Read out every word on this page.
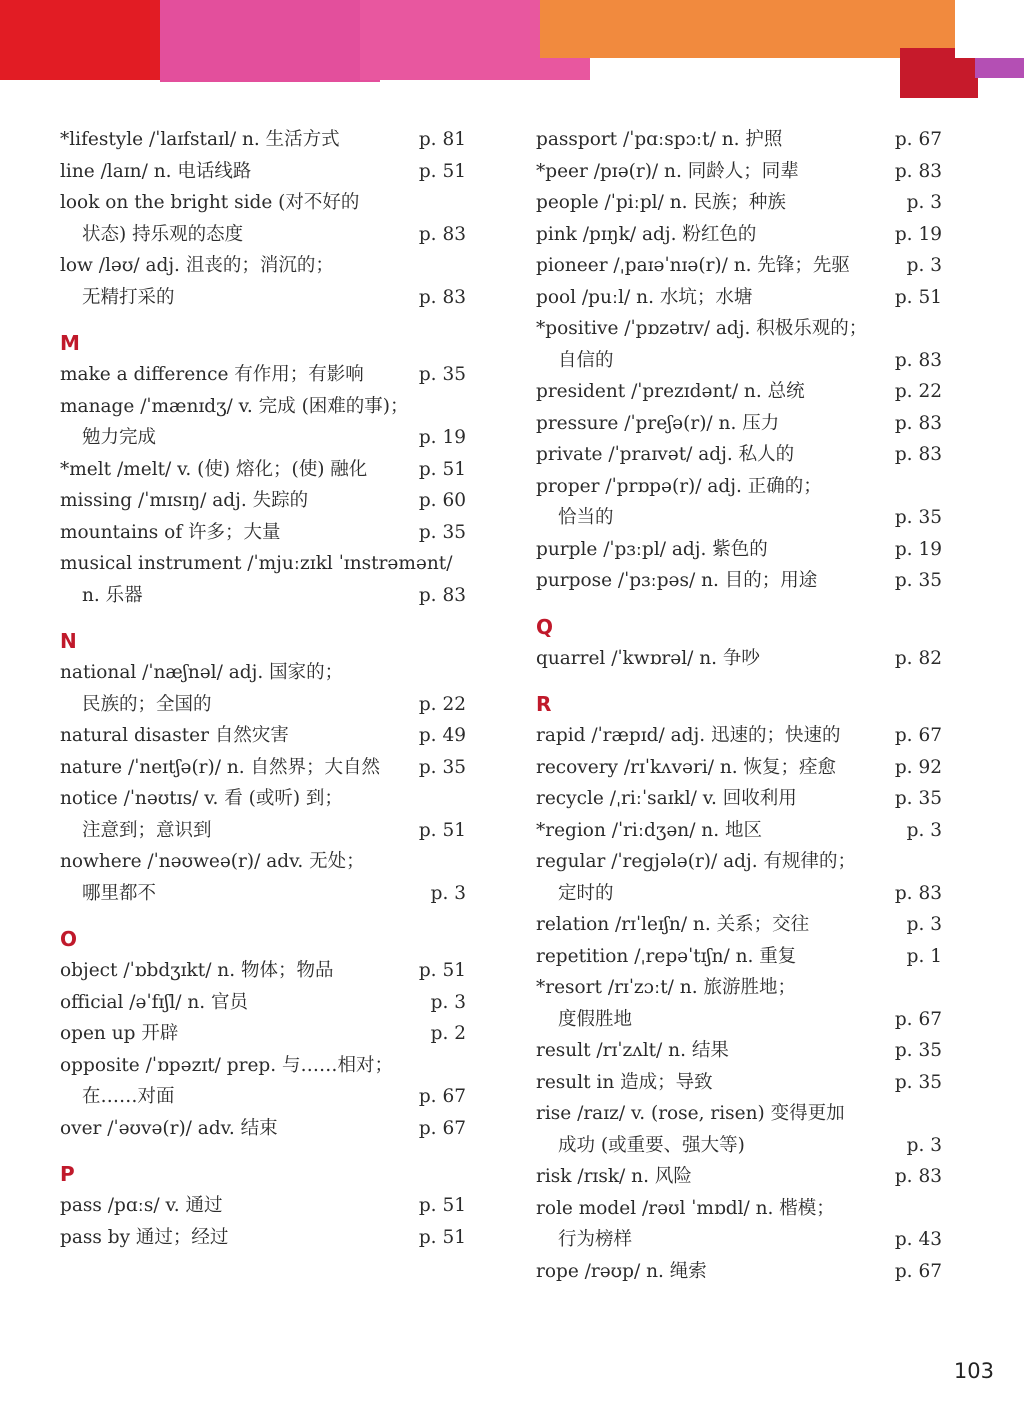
*lifestyle /ˈlaɪfstaɪl/ n. 生活方式	p. 81
line /laɪn/ n. 电话线路	p. 51
look on the bright side (对不好的
状态) 持乐观的态度	p. 83
low /ləʊ/ adj. 沮丧的；消沉的；
无精打采的	p. 83
M
make a difference 有作用；有影响	p. 35
manage /ˈmænɪdʒ/ v. 完成 (困难的事)；
勉力完成	p. 19
*melt /melt/ v. (使) 熔化；(使) 融化	p. 51
missing /ˈmɪsɪŋ/ adj. 失踪的	p. 60
mountains of 许多；大量	p. 35
musical instrument /ˈmjuːzɪkl ˈɪnstrəmənt/
n. 乐器	p. 83
N
national /ˈnæʃnəl/ adj. 国家的；
民族的；全国的	p. 22
natural disaster 自然灾害	p. 49
nature /ˈneɪtʃə(r)/ n. 自然界；大自然	p. 35
notice /ˈnəʊtɪs/ v. 看 (或听) 到；
注意到；意识到	p. 51
nowhere /ˈnəʊweə(r)/ adv. 无处；
哪里都不	p. 3
O
object /ˈɒbdʒɪkt/ n. 物体；物品	p. 51
official /əˈfɪʃl/ n. 官员	p. 3
open up 开辟	p. 2
opposite /ˈɒpəzɪt/ prep. 与……相对；
在……对面	p. 67
over /ˈəʊvə(r)/ adv. 结束	p. 67
P
pass /pɑːs/ v. 通过	p. 51
pass by 通过；经过	p. 51
passport /ˈpɑːspɔːt/ n. 护照	p. 67
*peer /pɪə(r)/ n. 同龄人；同辈	p. 83
people /ˈpiːpl/ n. 民族；种族	p. 3
pink /pɪŋk/ adj. 粉红色的	p. 19
pioneer /ˌpaɪəˈnɪə(r)/ n. 先锋；先驱	p. 3
pool /puːl/ n. 水坑；水塘	p. 51
*positive /ˈpɒzətɪv/ adj. 积极乐观的；
自信的	p. 83
president /ˈprezɪdənt/ n. 总统	p. 22
pressure /ˈpreʃə(r)/ n. 压力	p. 83
private /ˈpraɪvət/ adj. 私人的	p. 83
proper /ˈprɒpə(r)/ adj. 正确的；
恰当的	p. 35
purple /ˈpɜːpl/ adj. 紫色的	p. 19
purpose /ˈpɜːpəs/ n. 目的；用途	p. 35
Q
quarrel /ˈkwɒrəl/ n. 争吵	p. 82
R
rapid /ˈræpɪd/ adj. 迅速的；快速的	p. 67
recovery /rɪˈkʌvəri/ n. 恢复；痊愈	p. 92
recycle /ˌriːˈsaɪkl/ v. 回收利用	p. 35
*region /ˈriːdʒən/ n. 地区	p. 3
regular /ˈregjələ(r)/ adj. 有规律的；
定时的	p. 83
relation /rɪˈleɪʃn/ n. 关系；交往	p. 3
repetition /ˌrepəˈtɪʃn/ n. 重复	p. 1
*resort /rɪˈzɔːt/ n. 旅游胜地；
度假胜地	p. 67
result /rɪˈzʌlt/ n. 结果	p. 35
result in 造成；导致	p. 35
rise /raɪz/ v. (rose, risen) 变得更加
成功 (或重要、强大等)	p. 3
risk /rɪsk/ n. 风险	p. 83
role model /rəʊl ˈmɒdl/ n. 楷模；
行为榜样	p. 43
rope /rəʊp/ n. 绳索	p. 67
103
